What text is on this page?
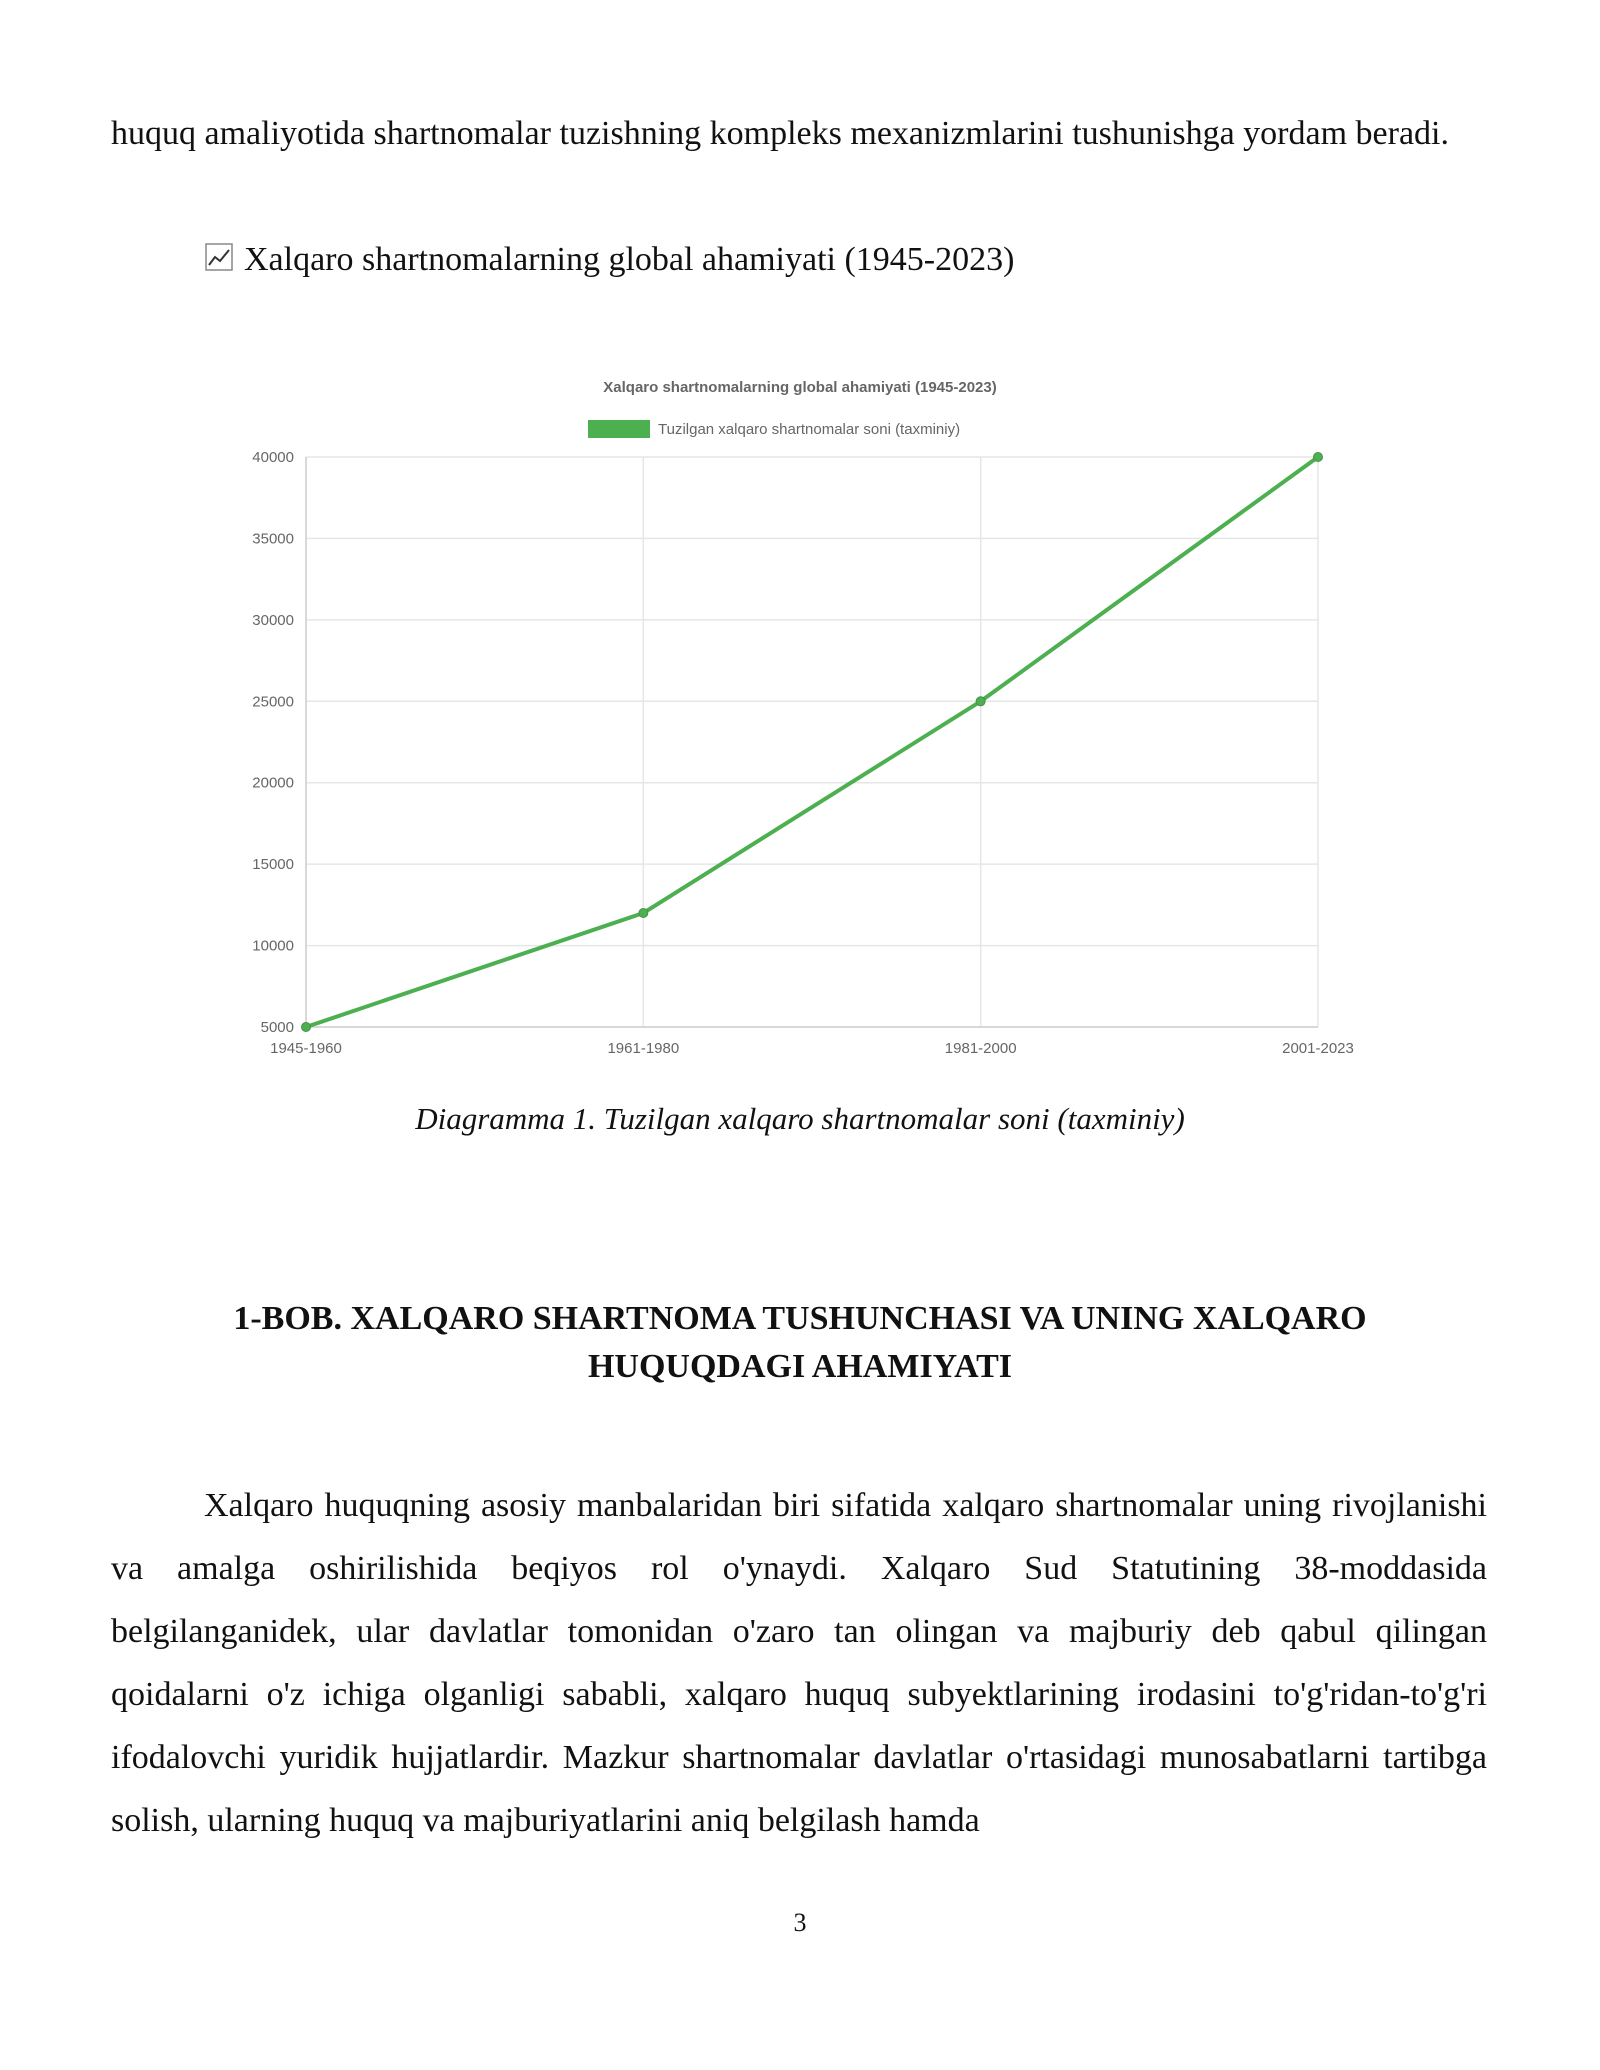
huquq amaliyotida shartnomalar tuzishning kompleks mexanizmlarini tushunishga yordam beradi.

Xalqaro shartnomalarning global ahamiyati (1945-2023)
Xalqaro shartnomalarning global ahamiyati (1945-2023)
Tuzilgan xalqaro shartnomalar soni (taxminiy)
40000
35000
30000
25000
20000
15000
10000
5000
1945-1960	1961-1980	1981-2000	2001-2023
Diagramma 1. Tuzilgan xalqaro shartnomalar soni (taxminiy)
1-BOB. XALQARO SHARTNOMA TUSHUNCHASI VA UNING XALQARO
HUQUQDAGI AHAMIYATI

Xalqaro huquqning asosiy manbalaridan biri sifatida xalqaro shartnomalar uning rivojlanishi va amalga oshirilishida beqiyos rol o'ynaydi. Xalqaro Sud Statutining 38-moddasida belgilanganidek, ular davlatlar tomonidan o'zaro tan olingan va majburiy deb qabul qilingan qoidalarni o'z ichiga olganligi sababli, xalqaro huquq subyektlarining irodasini to'g'ridan-to'g'ri ifodalovchi yuridik hujjatlardir. Mazkur shartnomalar davlatlar o'rtasidagi munosabatlarni tartibga solish, ularning huquq va majburiyatlarini aniq belgilash hamda

3
